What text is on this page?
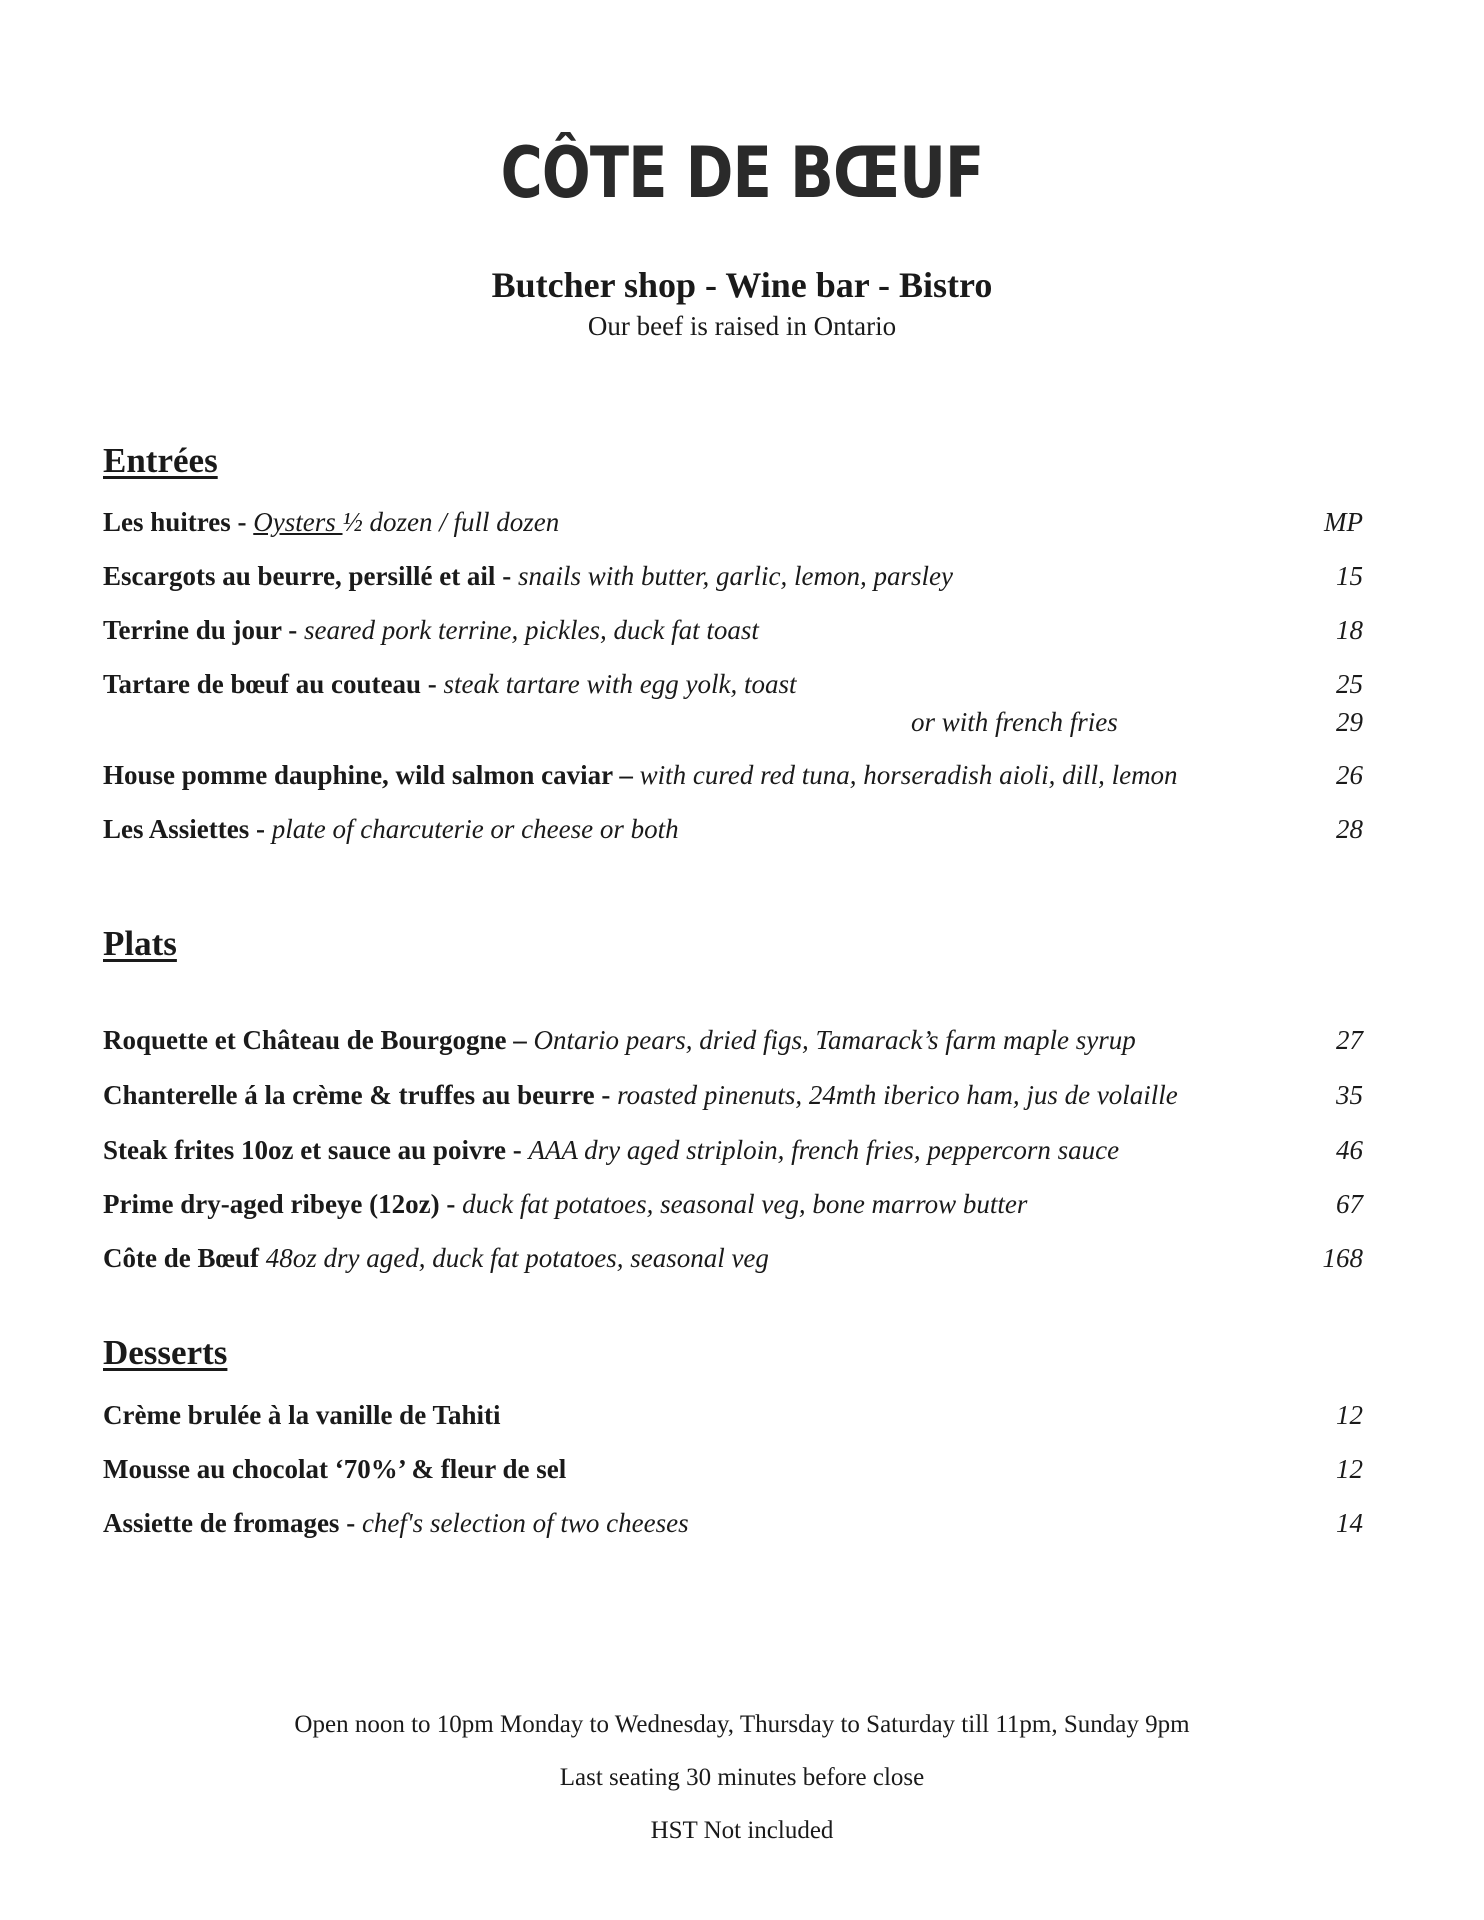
CÔTE DE BŒUF
Butcher shop - Wine bar - Bistro
Our beef is raised in Ontario
Entrées
Les huitres - Oysters ½ dozen / full dozen	MP
Escargots au beurre, persillé et ail - snails with butter, garlic, lemon, parsley	15
Terrine du jour - seared pork terrine, pickles, duck fat toast	18
Tartare de bœuf au couteau - steak tartare with egg yolk, toast	25
or with french fries	29
House pomme dauphine, wild salmon caviar – with cured red tuna, horseradish aioli, dill, lemon	26
Les Assiettes - plate of charcuterie or cheese or both	28
Plats
Roquette et Château de Bourgogne – Ontario pears, dried figs, Tamarack’s farm maple syrup	27
Chanterelle á la crème & truffes au beurre - roasted pinenuts, 24mth iberico ham, jus de volaille	35
Steak frites 10oz et sauce au poivre - AAA dry aged striploin, french fries, peppercorn sauce	46
Prime dry-aged ribeye (12oz) - duck fat potatoes, seasonal veg, bone marrow butter	67
Côte de Bœuf 48oz dry aged, duck fat potatoes, seasonal veg	168
Desserts
Crème brulée à la vanille de Tahiti	12
Mousse au chocolat ‘70%’ & fleur de sel	12
Assiette de fromages - chef's selection of two cheeses	14
Open noon to 10pm Monday to Wednesday, Thursday to Saturday till 11pm, Sunday 9pm
Last seating 30 minutes before close
HST Not included
